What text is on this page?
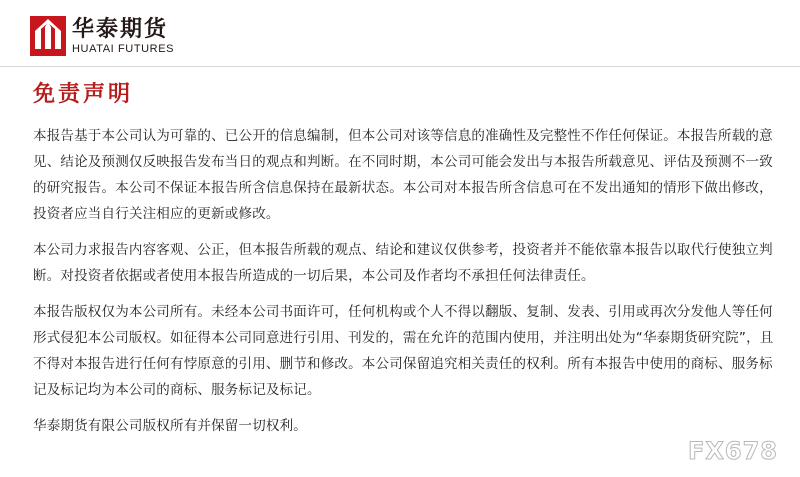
华泰期货
HUATAI FUTURES
免责声明

本报告基于本公司认为可靠的、已公开的信息编制，但本公司对该等信息的准确性及完整性不作任何保证。本报告所载的意见、结论及预测仅反映报告发布当日的观点和判断。在不同时期，本公司可能会发出与本报告所载意见、评估及预测不一致的研究报告。本公司不保证本报告所含信息保持在最新状态。本公司对本报告所含信息可在不发出通知的情形下做出修改， 投资者应当自行关注相应的更新或修改。

本公司力求报告内容客观、公正，但本报告所载的观点、结论和建议仅供参考，投资者并不能依靠本报告以取代行使独立判断。对投资者依据或者使用本报告所造成的一切后果，本公司及作者均不承担任何法律责任。

本报告版权仅为本公司所有。未经本公司书面许可，任何机构或个人不得以翻版、复制、发表、引用或再次分发他人等任何形式侵犯本公司版权。如征得本公司同意进行引用、刊发的，需在允许的范围内使用，并注明出处为“华泰期货研究院”，且不得对本报告进行任何有悖原意的引用、删节和修改。本公司保留追究相关责任的权利。所有本报告中使用的商标、服务标记及标记均为本公司的商标、服务标记及标记。

华泰期货有限公司版权所有并保留一切权利。

FX678
